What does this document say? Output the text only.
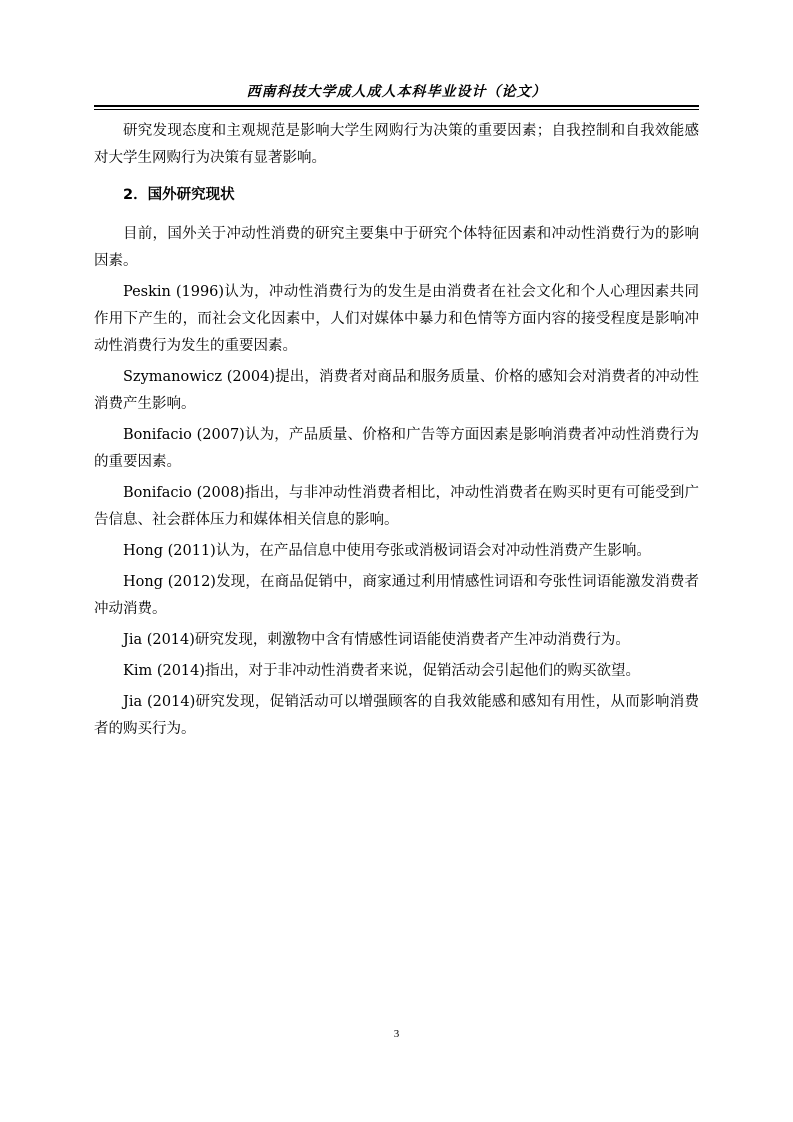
西南科技大学成人成人本科毕业设计（论文）

研究发现态度和主观规范是影响大学生网购行为决策的重要因素；自我控制和自我效能感对大学生网购行为决策有显著影响。

2．国外研究现状

目前，国外关于冲动性消费的研究主要集中于研究个体特征因素和冲动性消费行为的影响因素。

Peskin (1996)认为，冲动性消费行为的发生是由消费者在社会文化和个人心理因素共同作用下产生的，而社会文化因素中，人们对媒体中暴力和色情等方面内容的接受程度是影响冲动性消费行为发生的重要因素。

Szymanowicz (2004)提出，消费者对商品和服务质量、价格的感知会对消费者的冲动性消费产生影响。

Bonifacio (2007)认为，产品质量、价格和广告等方面因素是影响消费者冲动性消费行为的重要因素。

Bonifacio (2008)指出，与非冲动性消费者相比，冲动性消费者在购买时更有可能受到广告信息、社会群体压力和媒体相关信息的影响。

Hong (2011)认为，在产品信息中使用夸张或消极词语会对冲动性消费产生影响。

Hong (2012)发现，在商品促销中，商家通过利用情感性词语和夸张性词语能激发消费者冲动消费。

Jia (2014)研究发现，刺激物中含有情感性词语能使消费者产生冲动消费行为。

Kim (2014)指出，对于非冲动性消费者来说，促销活动会引起他们的购买欲望。

Jia (2014)研究发现，促销活动可以增强顾客的自我效能感和感知有用性，从而影响消费者的购买行为。

3
